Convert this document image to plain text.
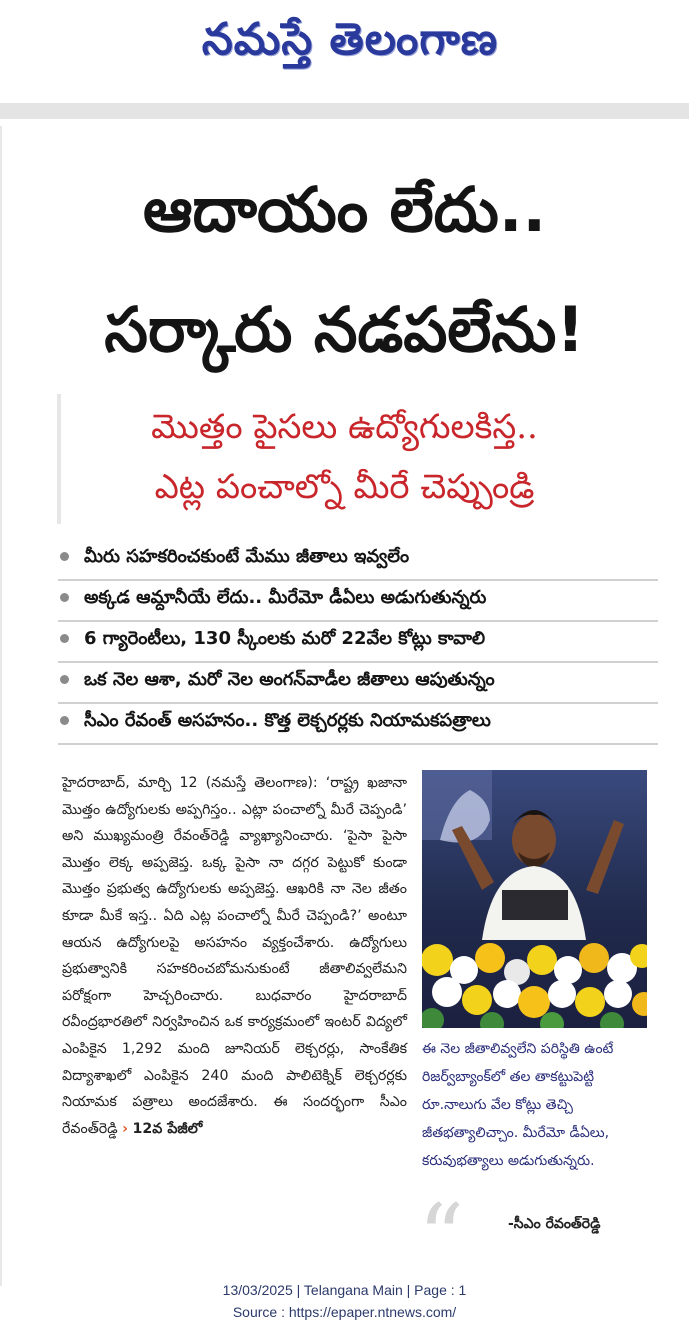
నమస్తే తెలంగాణ
ఆదాయం లేదు..
సర్కారు నడపలేను!
మొత్తం పైసలు ఉద్యోగులకిస్త..
ఎట్ల పంచాల్నో మీరే చెప్పుండ్రి
మీరు సహకరించకుంటే మేము జీతాలు ఇవ్వలేం
అక్కడ ఆమ్దానీయే లేదు.. మీరేమో డీఏలు అడుగుతున్నరు
6 గ్యారెంటీలు, 130 స్కీంలకు మరో 22వేల కోట్లు కావాలి
ఒక నెల ఆశా, మరో నెల అంగన్‌వాడీల జీతాలు ఆపుతున్నం
సీఎం రేవంత్ అసహనం.. కొత్త లెక్చరర్లకు నియామకపత్రాలు

హైదరాబాద్, మార్చి 12 (నమస్తే తెలంగాణ): ‘రాష్ట్ర ఖజానా మొత్తం ఉద్యోగులకు అప్పగిస్తం.. ఎట్లా పంచాల్నో మీరే చెప్పండి’ అని ముఖ్యమంత్రి రేవంత్‌రెడ్డి వ్యాఖ్యానించారు. ‘పైసా పైసా మొత్తం లెక్క అప్పజెప్త. ఒక్క పైసా నా దగ్గర పెట్టుకో కుండా మొత్తం ప్రభుత్వ ఉద్యోగులకు అప్పజెప్త. ఆఖరికి నా నెల జీతం కూడా మీకే ఇస్త.. ఏది ఎట్ల పంచాల్నో మీరే చెప్పండి?’ అంటూ ఆయన ఉద్యోగులపై అసహనం వ్యక్తంచేశారు. ఉద్యోగులు ప్రభుత్వానికి సహకరించబోమనుకుంటే జీతాలివ్వలేమని పరోక్షంగా హెచ్చరించారు. బుధవారం హైదరాబాద్ రవీంద్రభారతిలో నిర్వహించిన ఒక కార్యక్రమంలో ఇంటర్ విద్యలో ఎంపికైన 1,292 మంది జూనియర్ లెక్చరర్లు, సాంకేతిక విద్యాశాఖలో ఎంపికైన 240 మంది పాలిటెక్నిక్ లెక్చరర్లకు నియామక పత్రాలు అందజేశారు. ఈ సందర్భంగా సీఎం రేవంత్‌రెడ్డి › 12వ పేజీలో

ఈ నెల జీతాలివ్వలేని పరిస్థితి ఉంటే రిజర్వ్‌బ్యాంక్‌లో తల తాకట్టుపెట్టి రూ.నాలుగు వేల కోట్లు తెచ్చి జీతభత్యాలిచ్చాం. మీరేమో డీఏలు, కరువుభత్యాలు అడుగుతున్నరు.

“	-సీఎం రేవంత్‌రెడ్డి
13/03/2025 | Telangana Main | Page : 1
Source : https://epaper.ntnews.com/
